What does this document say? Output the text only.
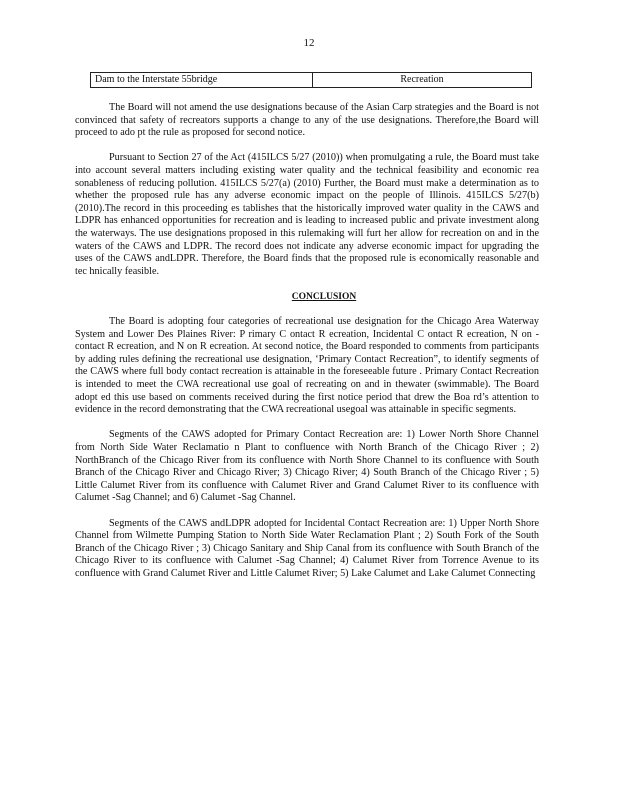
12
Dam to the Interstate 55bridge	Recreation

The Board will not amend the use designations because of the Asian Carp strategies and the Board is not convinced that safety of recreators supports a change to any of the use designations. Therefore,the Board will proceed to ado pt the rule as proposed for second notice.

Pursuant to Section 27 of the Act (415ILCS 5/27 (2010)) when promulgating a rule, the Board must take into account several matters including existing water quality and the technical feasibility and economic rea sonableness of reducing pollution. 415ILCS 5/27(a) (2010) Further, the Board must make a determination as to whether the proposed rule has any adverse economic impact on the people of Illinois. 415ILCS 5/27(b) (2010).The record in this proceeding es tablishes that the historically improved water quality in the CAWS and LDPR has enhanced opportunities for recreation and is leading to increased public and private investment along the waterways. The use designations proposed in this rulemaking will furt her allow for recreation on and in the waters of the CAWS and LDPR. The record does not indicate any adverse economic impact for upgrading the uses of the CAWS andLDPR. Therefore, the Board finds that the proposed rule is economically reasonable and tec hnically feasible.

CONCLUSION

The Board is adopting four categories of recreational use designation for the Chicago Area Waterway System and Lower Des Plaines River: P rimary C ontact R ecreation, Incidental C ontact R ecreation, N on -contact R ecreation, and N on R ecreation. At second notice, the Board responded to comments from participants by adding rules defining the recreational use designation, ‘Primary Contact Recreation”, to identify segments of the CAWS where full body contact recreation is attainable in the foreseeable future . Primary Contact Recreation is intended to meet the CWA recreational use goal of recreating on and in thewater (swimmable). The Board adopt ed this use based on comments received during the first notice period that drew the Boa rd’s attention to evidence in the record demonstrating that the CWA recreational usegoal was attainable in specific segments.

Segments of the CAWS adopted for Primary Contact Recreation are: 1) Lower North Shore Channel from North Side Water Reclamatio n Plant to confluence with North Branch of the Chicago River ; 2) NorthBranch of the Chicago River from its confluence with North Shore Channel to its confluence with South Branch of the Chicago River and Chicago River; 3) Chicago River; 4) South Branch of the Chicago River ; 5) Little Calumet River from its confluence with Calumet River and Grand Calumet River to its confluence with Calumet -Sag Channel; and 6) Calumet -Sag Channel.

Segments of the CAWS andLDPR adopted for Incidental Contact Recreation are: 1) Upper North Shore Channel from Wilmette Pumping Station to North Side Water Reclamation Plant ; 2) South Fork of the South Branch of the Chicago River ; 3) Chicago Sanitary and Ship Canal from its confluence with South Branch of the Chicago River to its confluence with Calumet -Sag Channel; 4) Calumet River from Torrence Avenue to its confluence with Grand Calumet River and Little Calumet River; 5) Lake Calumet and Lake Calumet Connecting
